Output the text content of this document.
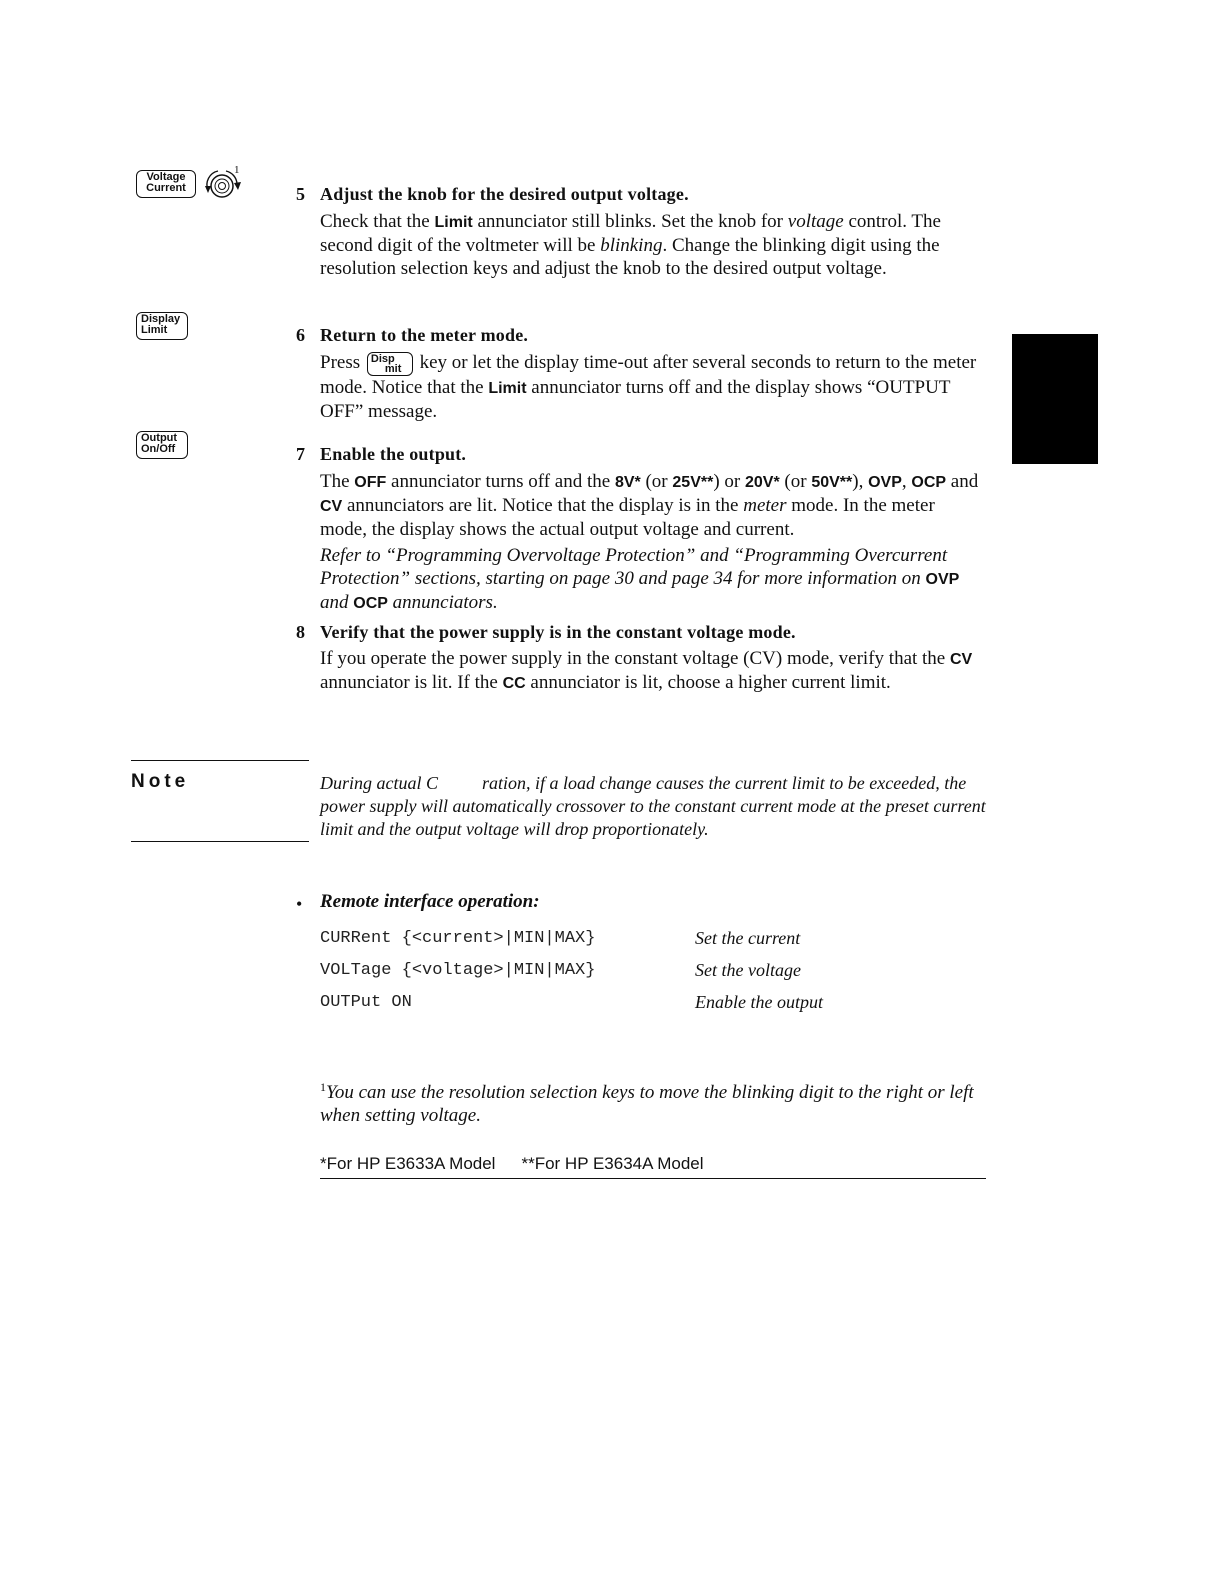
Voltage
Current
1
Display
Limit
Output
On/Off
5 Adjust the knob for the desired output voltage.
Check that the Limit annunciator still blinks. Set the knob for voltage control. The second digit of the voltmeter will be blinking. Change the blinking digit using the resolution selection keys and adjust the knob to the desired output voltage.
6 Return to the meter mode.
Press Disp
mit key or let the display time-out after several seconds to return to the meter mode. Notice that the Limit annunciator turns off and the display shows “OUTPUT OFF” message.
7 Enable the output.
The OFF annunciator turns off and the 8V* (or 25V**) or 20V* (or 50V**), OVP, OCP and CV annunciators are lit. Notice that the display is in the meter mode. In the meter mode, the display shows the actual output voltage and current.
Refer to “Programming Overvoltage Protection” and “Programming Overcurrent Protection” sections, starting on page 30 and page 34 for more information on OVP and OCP annunciators.
8 Verify that the power supply is in the constant voltage mode.
If you operate the power supply in the constant voltage (CV) mode, verify that the CV annunciator is lit. If the CC annunciator is lit, choose a higher current limit.
Note	During actual C ration, if a load change causes the current limit to be exceeded, the power supply will automatically crossover to the constant current mode at the preset current limit and the output voltage will drop proportionately.
• Remote interface operation:
CURRent {<current>|MIN|MAX}	Set the current
VOLTage {<voltage>|MIN|MAX}	Set the voltage
OUTPut ON	Enable the output
$^1$You can use the resolution selection keys to move the blinking digit to the right or left when setting voltage.
*For HP E3633A Model **For HP E3634A Model
